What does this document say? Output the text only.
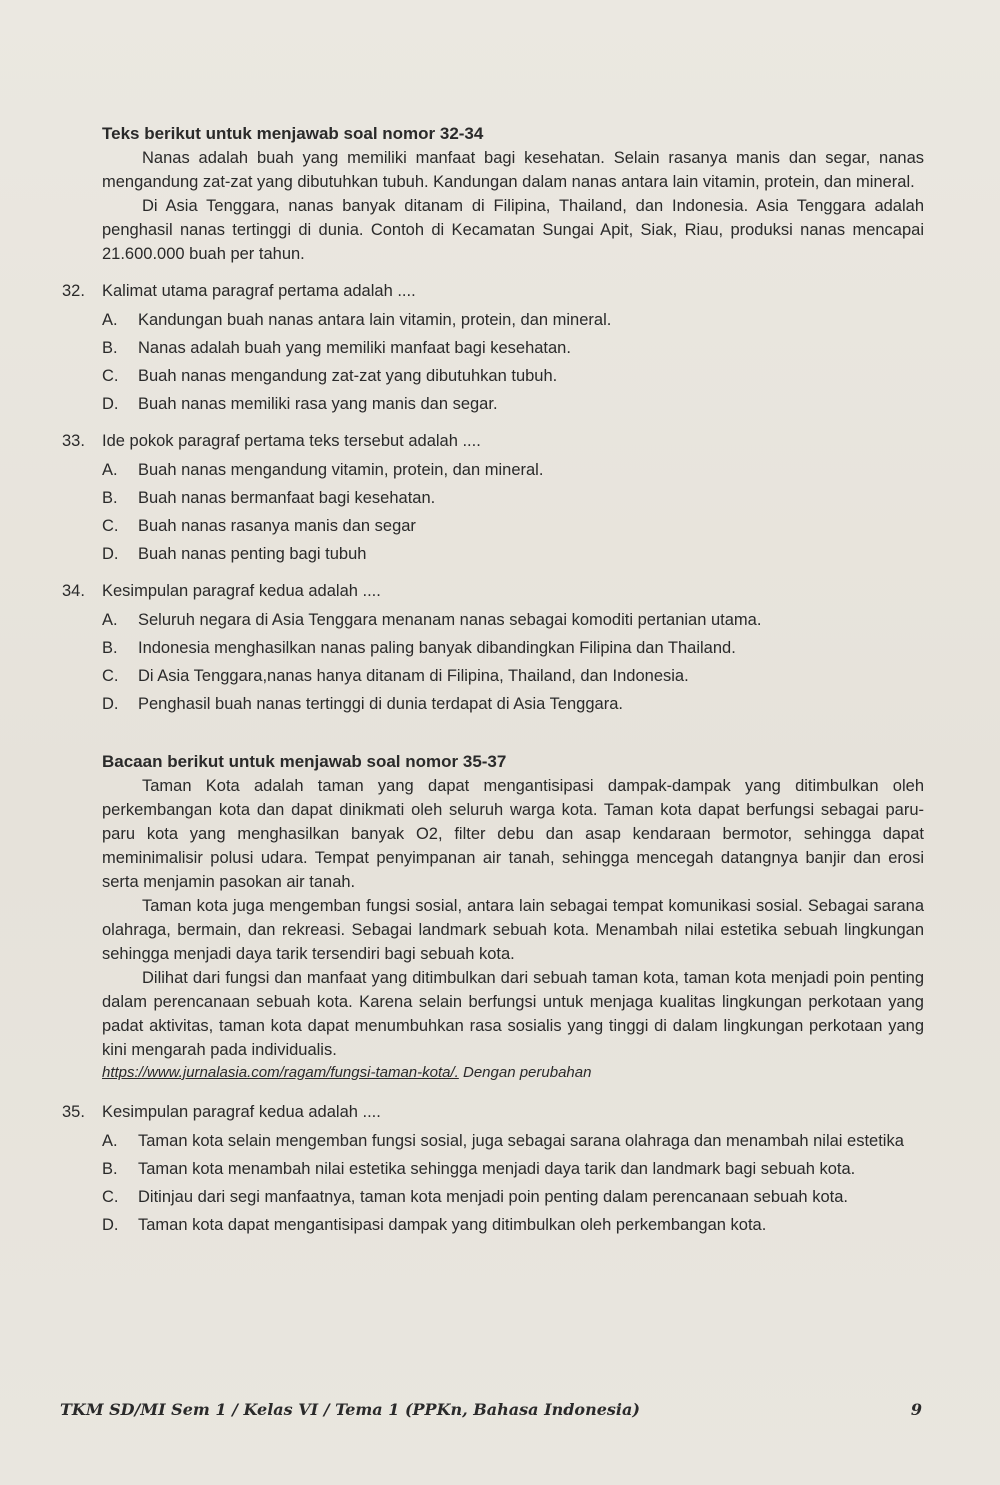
Teks berikut untuk menjawab soal nomor 32-34

Nanas adalah buah yang memiliki manfaat bagi kesehatan. Selain rasanya manis dan segar, nanas mengandung zat-zat yang dibutuhkan tubuh. Kandungan dalam nanas antara lain vitamin, protein, dan mineral.

Di Asia Tenggara, nanas banyak ditanam di Filipina, Thailand, dan Indonesia. Asia Tenggara adalah penghasil nanas tertinggi di dunia. Contoh di Kecamatan Sungai Apit, Siak, Riau, produksi nanas mencapai 21.600.000 buah per tahun.

32.	Kalimat utama paragraf pertama adalah ....
A.	Kandungan buah nanas antara lain vitamin, protein, dan mineral.
B.	Nanas adalah buah yang memiliki manfaat bagi kesehatan.
C.	Buah nanas mengandung zat-zat yang dibutuhkan tubuh.
D.	Buah nanas memiliki rasa yang manis dan segar.
33.	Ide pokok paragraf pertama teks tersebut adalah ....
A.	Buah nanas mengandung vitamin, protein, dan mineral.
B.	Buah nanas bermanfaat bagi kesehatan.
C.	Buah nanas rasanya manis dan segar
D.	Buah nanas penting bagi tubuh
34.	Kesimpulan paragraf kedua adalah ....
A.	Seluruh negara di Asia Tenggara menanam nanas sebagai komoditi pertanian utama.
B.	Indonesia menghasilkan nanas paling banyak dibandingkan Filipina dan Thailand.
C.	Di Asia Tenggara,nanas hanya ditanam di Filipina, Thailand, dan Indonesia.
D.	Penghasil buah nanas tertinggi di dunia terdapat di Asia Tenggara.
Bacaan berikut untuk menjawab soal nomor 35-37

Taman Kota adalah taman yang dapat mengantisipasi dampak-dampak yang ditimbulkan oleh perkembangan kota dan dapat dinikmati oleh seluruh warga kota. Taman kota dapat berfungsi sebagai paru-paru kota yang menghasilkan banyak O2, filter debu dan asap kendaraan bermotor, sehingga dapat meminimalisir polusi udara. Tempat penyimpanan air tanah, sehingga mencegah datangnya banjir dan erosi serta menjamin pasokan air tanah.

Taman kota juga mengemban fungsi sosial, antara lain sebagai tempat komunikasi sosial. Sebagai sarana olahraga, bermain, dan rekreasi. Sebagai landmark sebuah kota. Menambah nilai estetika sebuah lingkungan sehingga menjadi daya tarik tersendiri bagi sebuah kota.

Dilihat dari fungsi dan manfaat yang ditimbulkan dari sebuah taman kota, taman kota menjadi poin penting dalam perencanaan sebuah kota. Karena selain berfungsi untuk menjaga kualitas lingkungan perkotaan yang padat aktivitas, taman kota dapat menumbuhkan rasa sosialis yang tinggi di dalam lingkungan perkotaan yang kini mengarah pada individualis.

https://www.jurnalasia.com/ragam/fungsi-taman-kota/. Dengan perubahan
35.	Kesimpulan paragraf kedua adalah ....
A.	Taman kota selain mengemban fungsi sosial, juga sebagai sarana olahraga dan menambah nilai estetika
B.	Taman kota menambah nilai estetika sehingga menjadi daya tarik dan landmark bagi sebuah kota.
C.	Ditinjau dari segi manfaatnya, taman kota menjadi poin penting dalam perencanaan sebuah kota.
D.	Taman kota dapat mengantisipasi dampak yang ditimbulkan oleh perkembangan kota.
TKM SD/MI Sem 1 / Kelas VI / Tema 1 (PPKn, Bahasa Indonesia)	9
